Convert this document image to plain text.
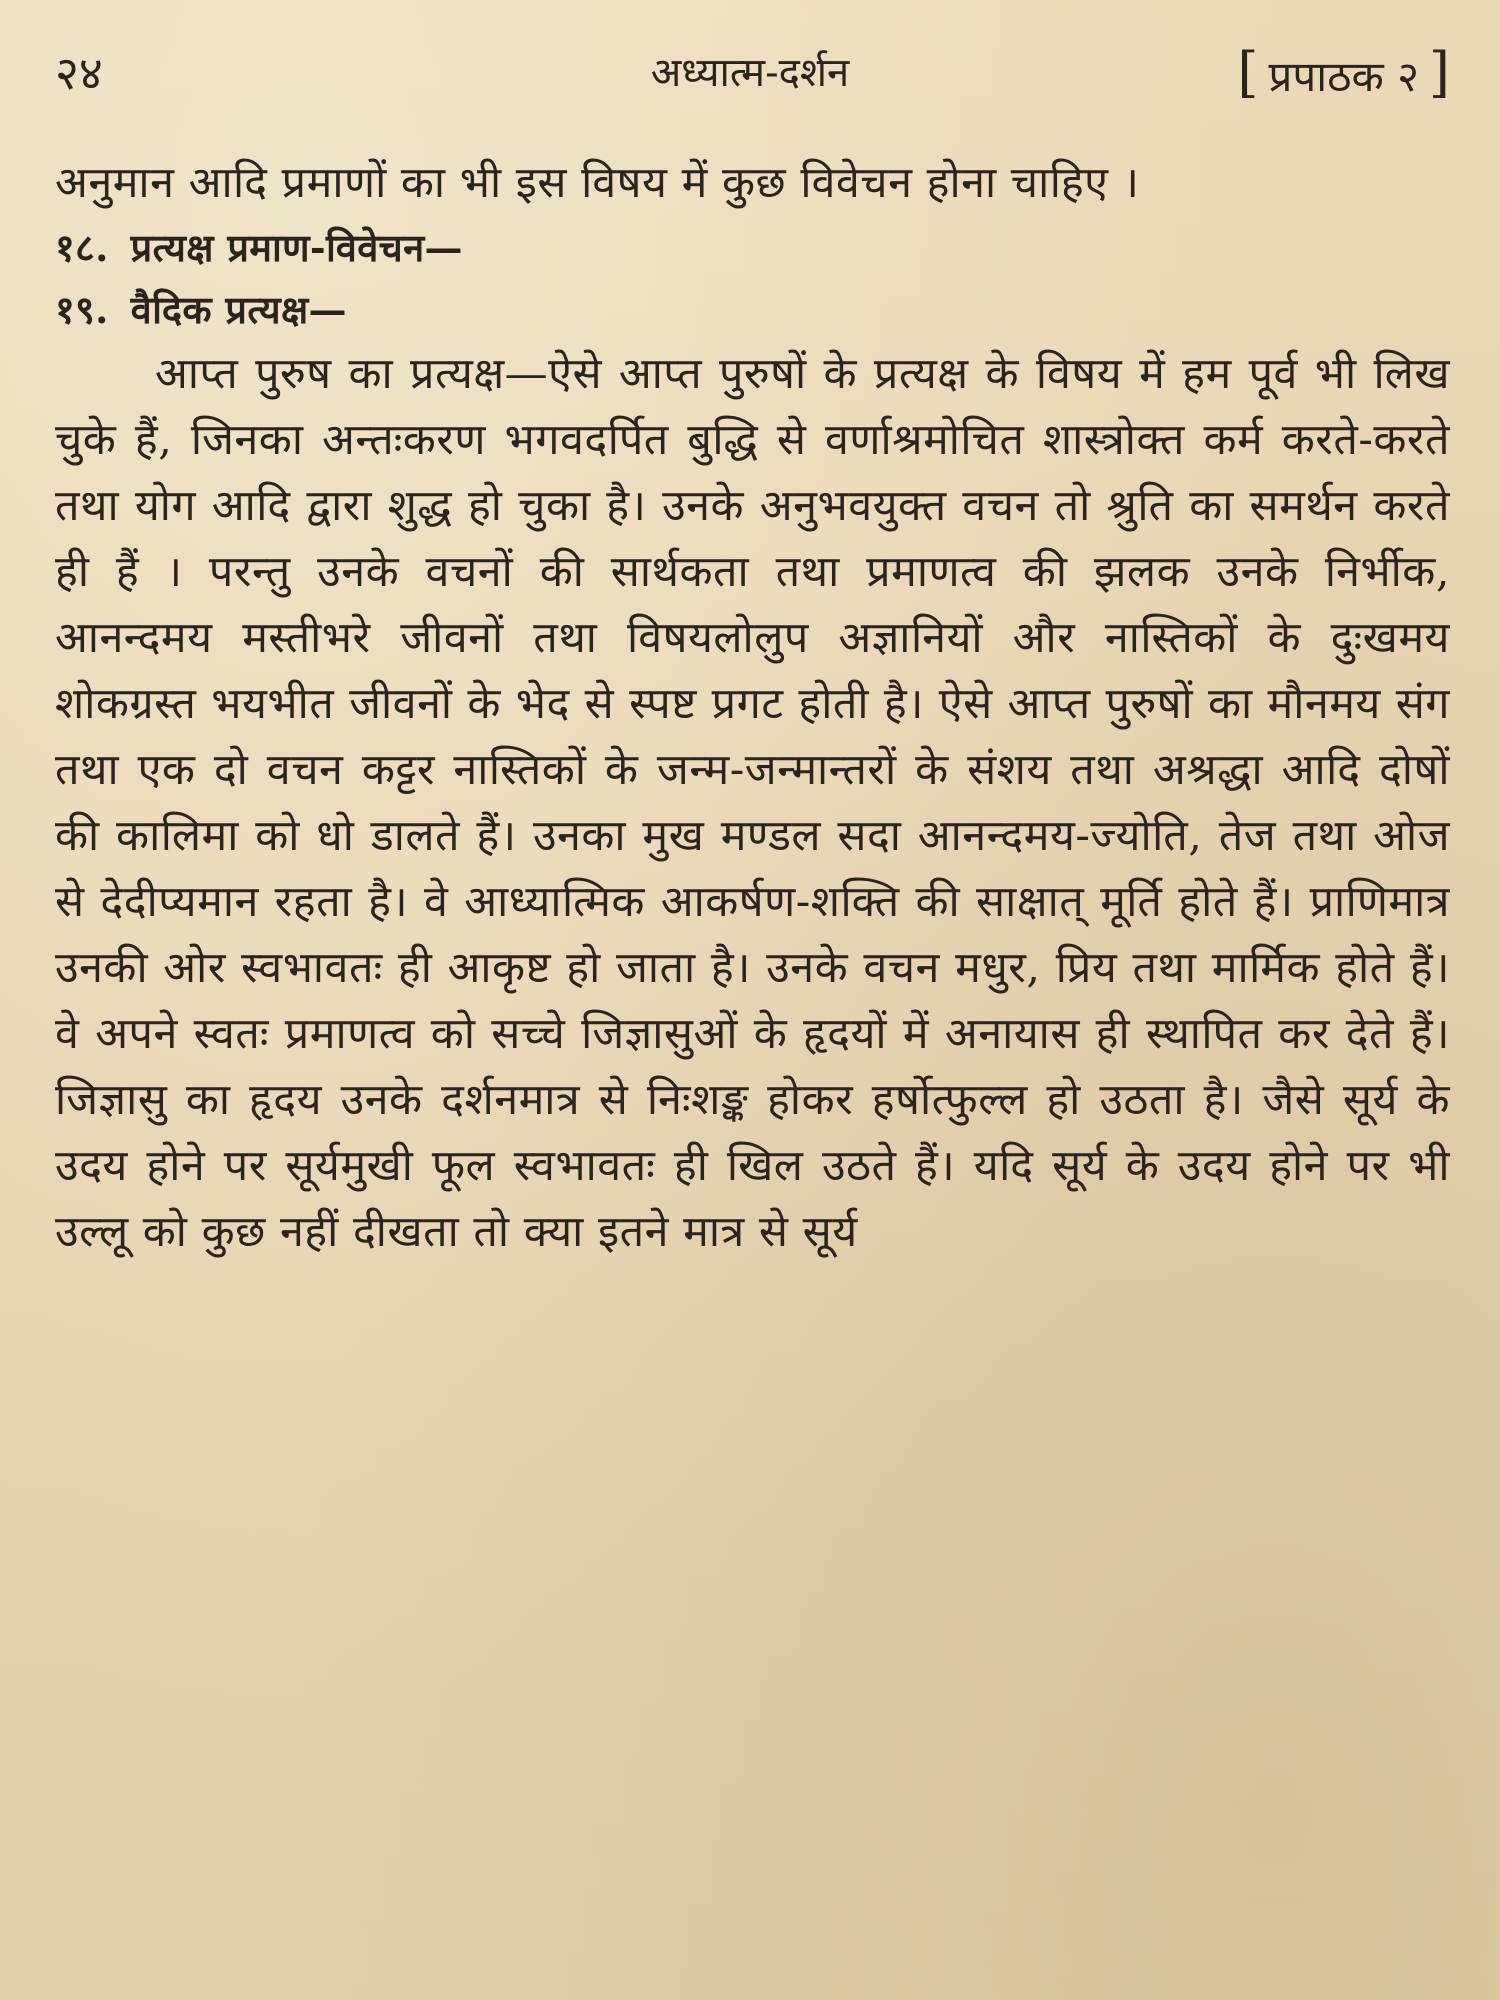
२४	अध्यात्म-दर्शन	[ प्रपाठक २ ]

अनुमान आदि प्रमाणों का भी इस विषय में कुछ विवेचन होना चाहिए ।

१८. प्रत्यक्ष प्रमाण-विवेचन—

१९. वैदिक प्रत्यक्ष—

आप्त पुरुष का प्रत्यक्ष—ऐसे आप्त पुरुषों के प्रत्यक्ष के विषय में हम पूर्व भी लिख चुके हैं, जिनका अन्तःकरण भगवदर्पित बुद्धि से वर्णाश्रमोचित शास्त्रोक्त कर्म करते-करते तथा योग आदि द्वारा शुद्ध हो चुका है। उनके अनुभवयुक्त वचन तो श्रुति का समर्थन करते ही हैं । परन्तु उनके वचनों की सार्थकता तथा प्रमाणत्व की झलक उनके निर्भीक, आनन्दमय मस्तीभरे जीवनों तथा विषयलोलुप अज्ञानियों और नास्तिकों के दुःखमय शोकग्रस्त भयभीत जीवनों के भेद से स्पष्ट प्रगट होती है। ऐसे आप्त पुरुषों का मौनमय संग तथा एक दो वचन कट्टर नास्तिकों के जन्म-जन्मान्तरों के संशय तथा अश्रद्धा आदि दोषों की कालिमा को धो डालते हैं। उनका मुख मण्डल सदा आनन्दमय-ज्योति, तेज तथा ओज से देदीप्यमान रहता है। वे आध्यात्मिक आकर्षण-शक्ति की साक्षात् मूर्ति होते हैं। प्राणिमात्र उनकी ओर स्वभावतः ही आकृष्ट हो जाता है। उनके वचन मधुर, प्रिय तथा मार्मिक होते हैं। वे अपने स्वतः प्रमाणत्व को सच्चे जिज्ञासुओं के हृदयों में अनायास ही स्थापित कर देते हैं। जिज्ञासु का हृदय उनके दर्शनमात्र से निःशङ्क होकर हर्षोत्फुल्ल हो उठता है। जैसे सूर्य के उदय होने पर सूर्यमुखी फूल स्वभावतः ही खिल उठते हैं। यदि सूर्य के उदय होने पर भी उल्लू को कुछ नहीं दीखता तो क्या इतने मात्र से सूर्य
